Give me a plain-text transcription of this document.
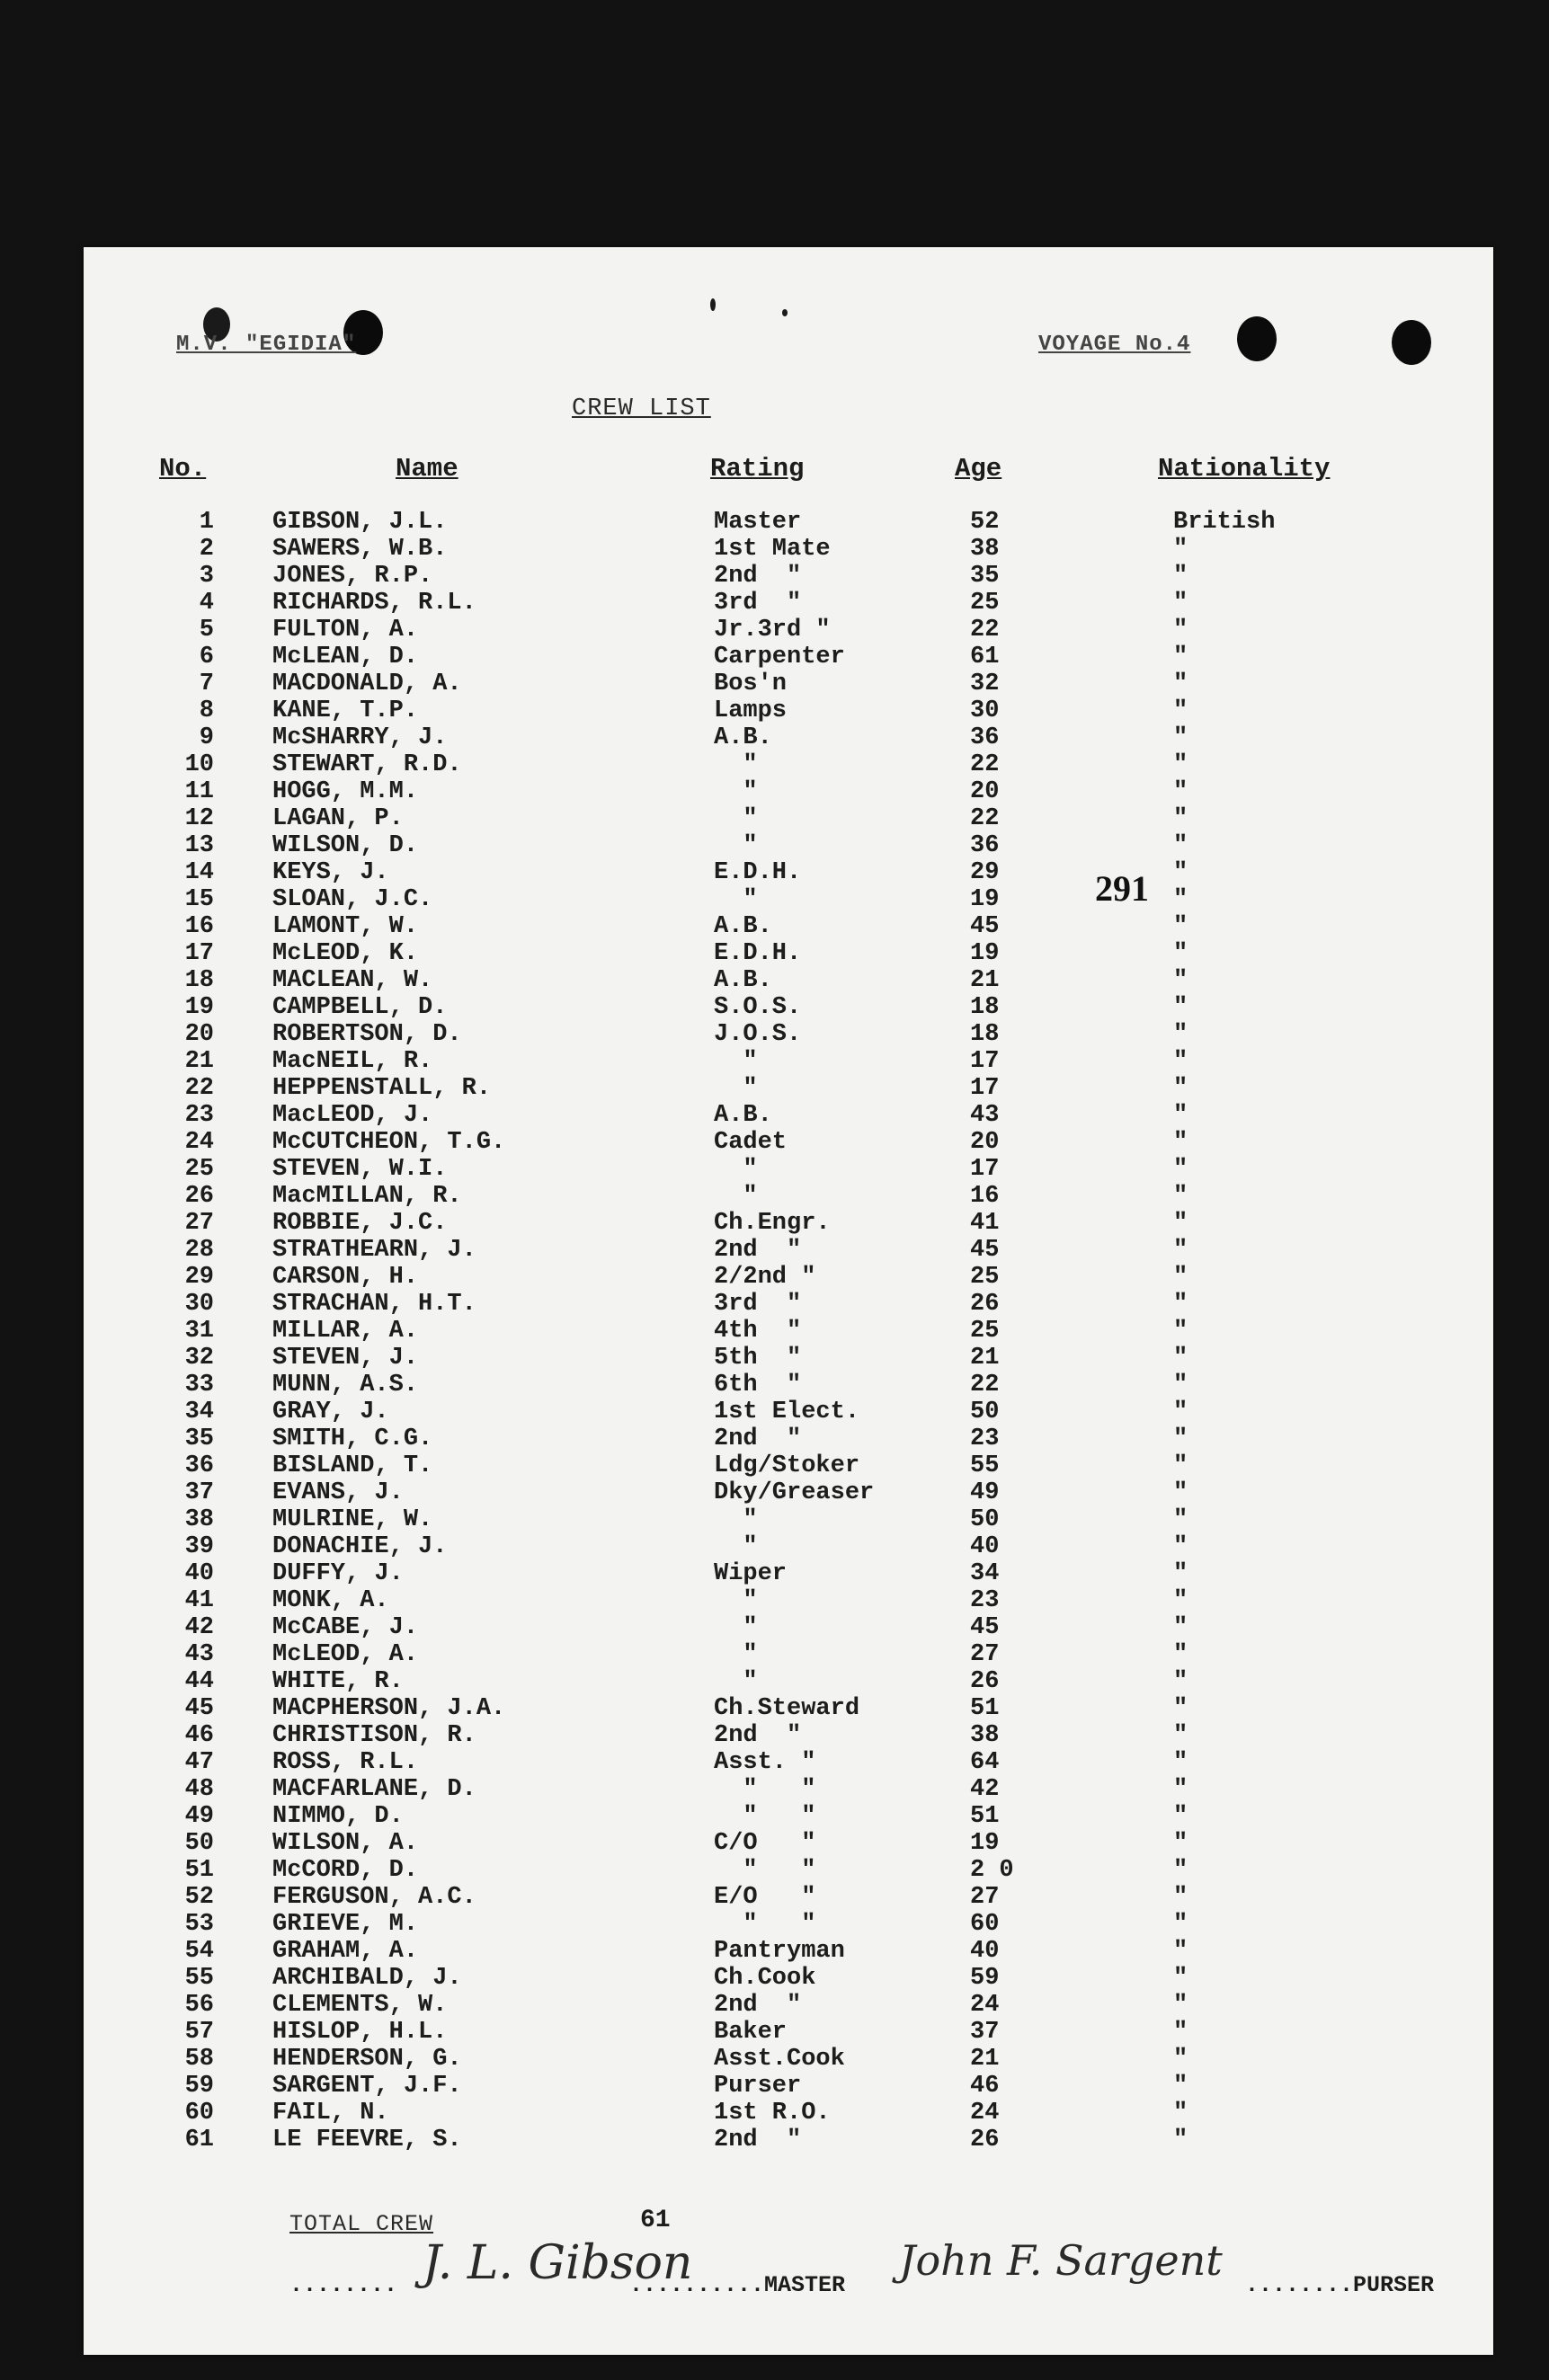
M.V. "EGIDIA"	VOYAGE No.4
CREW LIST
No.	Name	Rating	Age	Nationality
1 GIBSON, J.L.	Master	52	British
2 SAWERS, W.B.	1st Mate	38	"
3 JONES, R.P.	2nd  "	35	"
4 RICHARDS, R.L.	3rd  "	25	"
5 FULTON, A.	Jr.3rd "	22	"
6 McLEAN, D.	Carpenter	61	"
7 MACDONALD, A.	Bos'n	32	"
8 KANE, T.P.	Lamps	30	"
9 McSHARRY, J.	A.B.	36	"
10 STEWART, R.D.	"	22	"
11 HOGG, M.M.	"	20	"
12 LAGAN, P.	"	22	"
13 WILSON, D.	"	36	"
14 KEYS, J.	E.D.H.	29	"
15 SLOAN, J.C.	"	19	"
16 LAMONT, W.	A.B.	45	"
17 McLEOD, K.	E.D.H.	19	"
18 MACLEAN, W.	A.B.	21	"
19 CAMPBELL, D.	S.O.S.	18	"
20 ROBERTSON, D.	J.O.S.	18	"
21 MacNEIL, R.	"	17	"
22 HEPPENSTALL, R.	"	17	"
23 MacLEOD, J.	A.B.	43	"
24 McCUTCHEON, T.G.	Cadet	20	"
25 STEVEN, W.I.	"	17	"
26 MacMILLAN, R.	"	16	"
27 ROBBIE, J.C.	Ch.Engr.	41	"
28 STRATHEARN, J.	2nd  "	45	"
29 CARSON, H.	2/2nd "	25	"
30 STRACHAN, H.T.	3rd  "	26	"
31 MILLAR, A.	4th  "	25	"
32 STEVEN, J.	5th  "	21	"
33 MUNN, A.S.	6th  "	22	"
34 GRAY, J.	1st Elect.	50	"
35 SMITH, C.G.	2nd  "	23	"
36 BISLAND, T.	Ldg/Stoker	55	"
37 EVANS, J.	Dky/Greaser	49	"
38 MULRINE, W.	"	50	"
39 DONACHIE, J.	"	40	"
40 DUFFY, J.	Wiper	34	"
41 MONK, A.	"	23	"
42 McCABE, J.	"	45	"
43 McLEOD, A.	"	27	"
44 WHITE, R.	"	26	"
45 MACPHERSON, J.A.	Ch.Steward	51	"
46 CHRISTISON, R.	2nd  "	38	"
47 ROSS, R.L.	Asst. "	64	"
48 MACFARLANE, D.	"   "	42	"
49 NIMMO, D.	"   "	51	"
50 WILSON, A.	C/O   "	19	"
51 McCORD, D.	"   "	2 0	"
52 FERGUSON, A.C.	E/O   "	27	"
53 GRIEVE, M.	"   "	60	"
54 GRAHAM, A.	Pantryman	40	"
55 ARCHIBALD, J.	Ch.Cook	59	"
56 CLEMENTS, W.	2nd  "	24	"
57 HISLOP, H.L.	Baker	37	"
58 HENDERSON, G.	Asst.Cook	21	"
59 SARGENT, J.F.	Purser	46	"
60 FAIL, N.	1st R.O.	24	"
61 LE FEEVRE, S.	2nd  "	26	"
291
TOTAL CREW	61
........ J. L. Gibson
..........MASTER
John F. Sargent
........PURSER
